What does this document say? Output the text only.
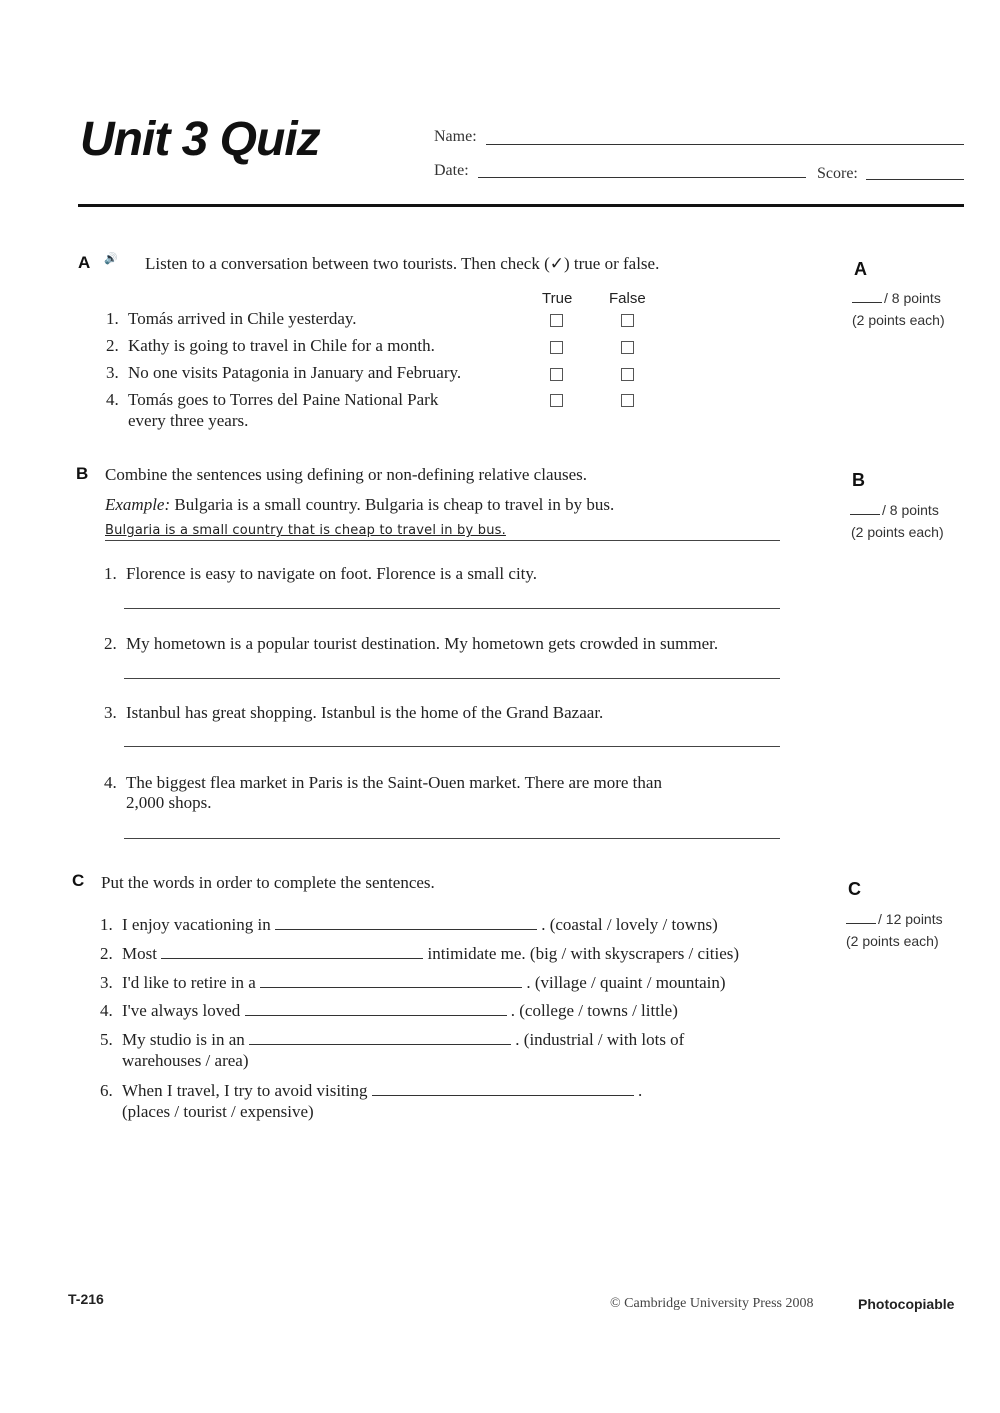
Unit 3 Quiz	Name:
Date:	Score:
A 🔊 Listen to a conversation between two tourists. Then check (✓) true or false.
True False
1. Tomás arrived in Chile yesterday.
2. Kathy is going to travel in Chile for a month.
3. No one visits Patagonia in January and February.
4. Tomás goes to Torres del Paine National Park
every three years.
A
/ 8 points
(2 points each)
B Combine the sentences using defining or non-defining relative clauses.
Example: Bulgaria is a small country. Bulgaria is cheap to travel in by bus.
Bulgaria is a small country that is cheap to travel in by bus.
1. Florence is easy to navigate on foot. Florence is a small city.
2. My hometown is a popular tourist destination. My hometown gets crowded in summer.
3. Istanbul has great shopping. Istanbul is the home of the Grand Bazaar.
4. The biggest flea market in Paris is the Saint-Ouen market. There are more than
2,000 shops.
B
/ 8 points
(2 points each)
C Put the words in order to complete the sentences.
1. I enjoy vacationing in	. (coastal / lovely / towns)
2. Most	intimidate me. (big / with skyscrapers / cities)
3. I'd like to retire in a	. (village / quaint / mountain)
4. I've always loved	. (college / towns / little)
5. My studio is in an	. (industrial / with lots of
warehouses / area)
6. When I travel, I try to avoid visiting	.
(places / tourist / expensive)
C
/ 12 points
(2 points each)
T-216	© Cambridge University Press 2008	Photocopiable
